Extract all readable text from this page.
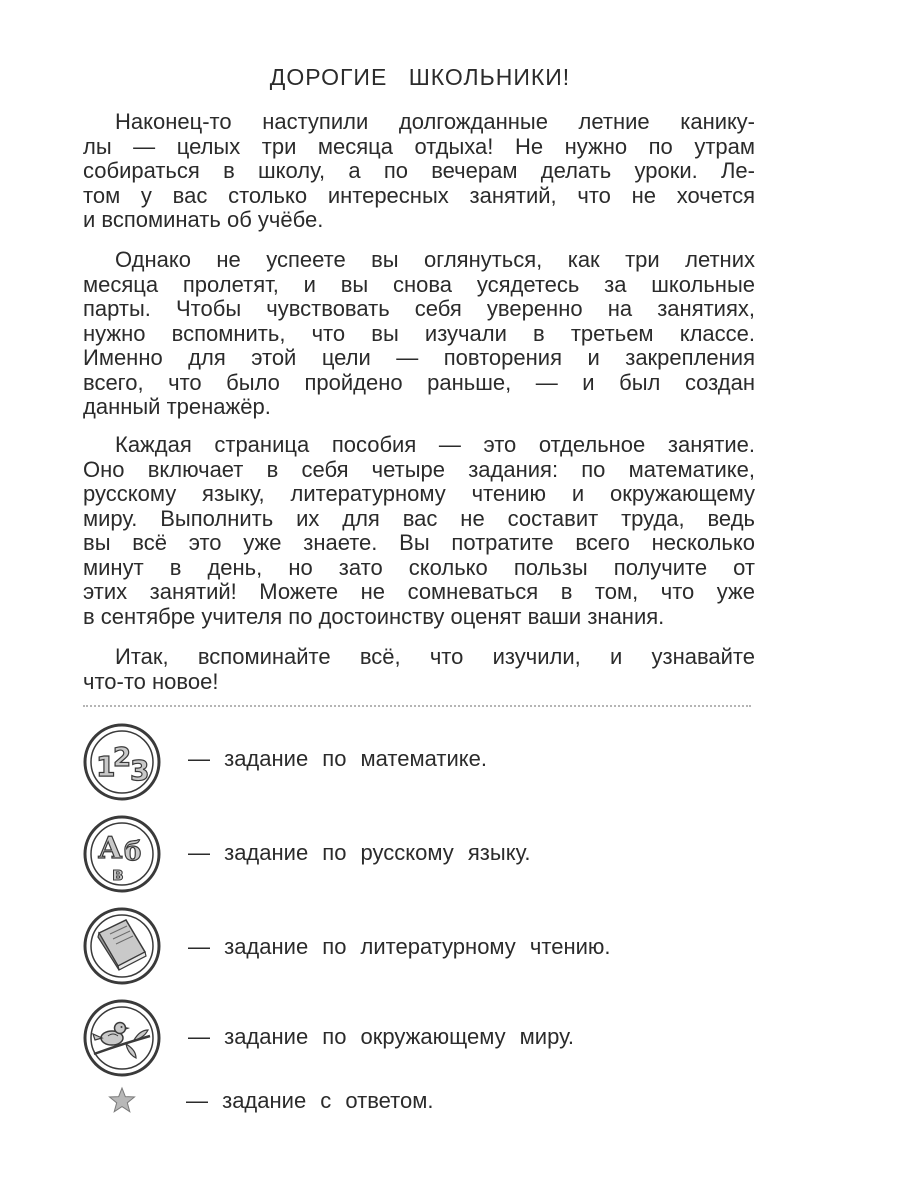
ДОРОГИЕ ШКОЛЬНИКИ!

Наконец-то наступили долгожданные летние каникy-
лы — целых три месяца отдыха! Не нужно по утрам
собираться в школу, а по вечерам делать уроки. Ле-
том у вас столько интересных занятий, что не хочется
и вспоминать об учёбе.

Однако не успеете вы оглянуться, как три летних
месяца пролетят, и вы снова усядетесь за школьные
парты. Чтобы чувствовать себя уверенно на занятиях,
нужно вспомнить, что вы изучали в третьем классе.
Именно для этой цели — повторения и закрепления
всего, что было пройдено раньше, — и был создан
данный тренажёр.

Каждая страница пособия — это отдельное занятие.
Оно включает в себя четыре задания: по математике,
русскому языку, литературному чтению и окружающему
миру. Выполнить их для вас не составит труда, ведь
вы всё это уже знаете. Вы потратите всего несколько
минут в день, но зато сколько пользы получите от
этих занятий! Можете не сомневаться в том, что уже
в сентябре учителя по достоинству оценят ваши знания.

Итак, вспоминайте всё, что изучили, и узнавайте
что-то новое!

1
2
3 — задание по математике.
А б
в
— задание по русскому языку.
— задание по литературному чтению.
— задание по окружающему миру.
— задание с ответом.
